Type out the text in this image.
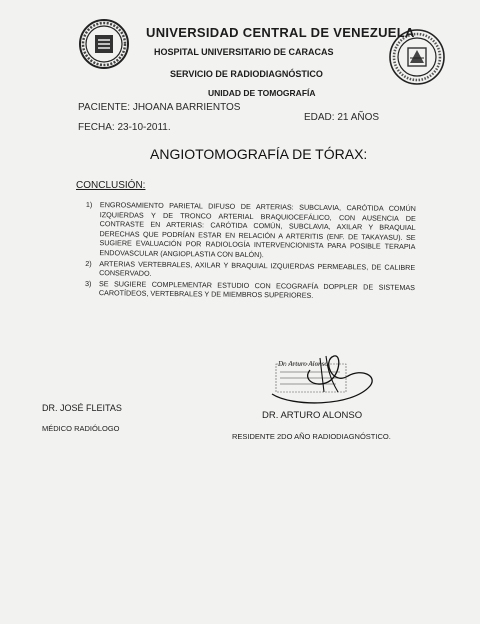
UNIVERSIDAD CENTRAL DE VENEZUELA
HOSPITAL UNIVERSITARIO DE CARACAS
SERVICIO DE RADIODIAGNÓSTICO
UNIDAD DE TOMOGRAFÍA
PACIENTE: JHOANA BARRIENTOS
EDAD: 21 AÑOS
FECHA: 23-10-2011.
ANGIOTOMOGRAFÍA DE TÓRAX:
CONCLUSIÓN:
1)	ENGROSAMIENTO PARIETAL DIFUSO DE ARTERIAS: SUBCLAVIA, CARÓTIDA COMÚN IZQUIERDAS Y DE TRONCO ARTERIAL BRAQUIOCEFÁLICO, CON AUSENCIA DE CONTRASTE EN ARTERIAS: CARÓTIDA COMÚN, SUBCLAVIA, AXILAR Y BRAQUIAL DERECHAS QUE PODRÍAN ESTAR EN RELACIÓN A ARTERITIS (ENF. DE TAKAYASU). SE SUGIERE EVALUACIÓN POR RADIOLOGÍA INTERVENCIONISTA PARA POSIBLE TERAPIA ENDOVASCULAR (ANGIOPLASTIA CON BALÓN).
2)	ARTERIAS VERTEBRALES, AXILAR Y BRAQUIAL IZQUIERDAS PERMEABLES, DE CALIBRE CONSERVADO.
3)	SE SUGIERE COMPLEMENTAR ESTUDIO CON ECOGRAFÍA DOPPLER DE SISTEMAS CAROTÍDEOS, VERTEBRALES Y DE MIEMBROS SUPERIORES.
Dr. Arturo Alonso
DR. JOSÉ FLEITAS
MÉDICO RADIÓLOGO
DR. ARTURO ALONSO
RESIDENTE 2DO AÑO RADIODIAGNÓSTICO.
